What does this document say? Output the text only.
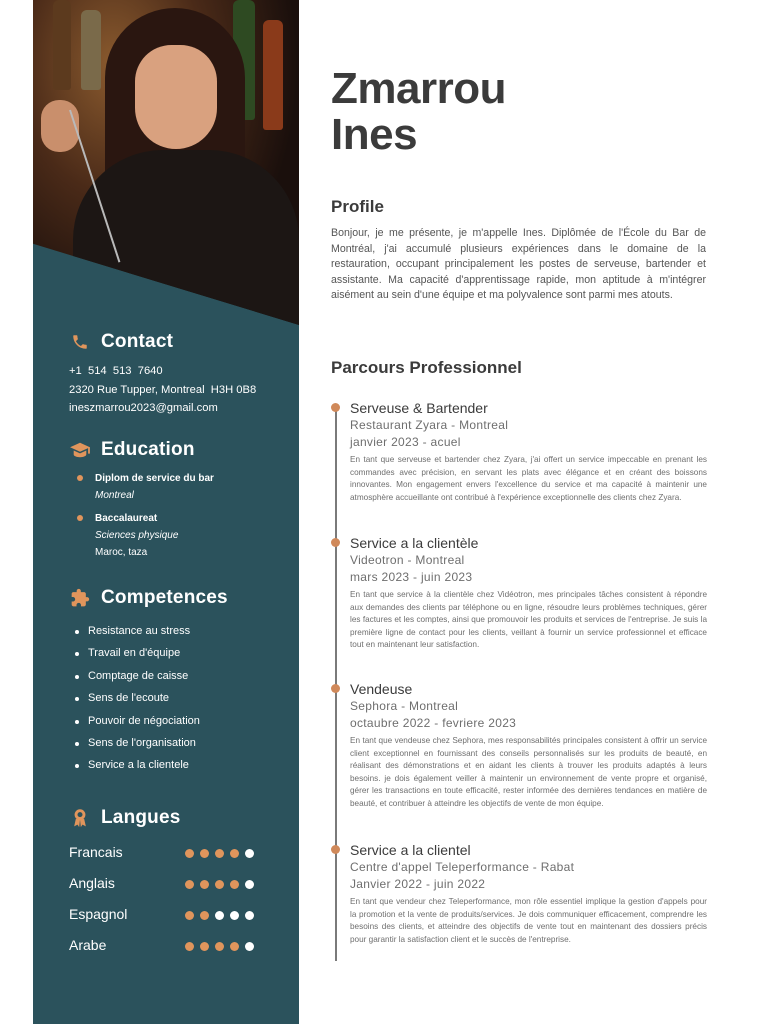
Contact
+1  514  513  7640
2320 Rue Tupper, Montreal  H3H 0B8
ineszmarrou2023@gmail.com
Education
Diplom de service du bar
Montreal
Baccalaureat
Sciences physique
Maroc, taza
Competences
Resistance au stress
Travail en d'équipe
Comptage de caisse
Sens de l'ecoute
Pouvoir de négociation
Sens de l'organisation
Service a la clientele
Langues
Francais
Anglais
Espagnol
Arabe
Zmarrou
Ines
Profile

Bonjour, je me présente, je m'appelle Ines. Diplômée de l'École du Bar de Montréal, j'ai accumulé plusieurs expériences dans le domaine de la restauration, occupant principalement les postes de serveuse, bartender et assistante. Ma capacité d'apprentissage rapide, mon aptitude à m'intégrer aisément au sein d'une équipe et ma polyvalence sont parmi mes atouts.

Parcours Professionnel
Serveuse & Bartender
Restaurant Zyara - Montreal
janvier 2023 - acuel
En tant que serveuse et bartender chez Zyara, j'ai offert un service impeccable en prenant les commandes avec précision, en servant les plats avec élégance et en créant des boissons innovantes. Mon engagement envers l'excellence du service et ma capacité à maintenir une atmosphère accueillante ont contribué à l'expérience exceptionnelle des clients chez Zyara.
Service a la clientèle
Videotron - Montreal
mars 2023 - juin 2023
En tant que service à la clientèle chez Vidéotron, mes principales tâches consistent à répondre aux demandes des clients par téléphone ou en ligne, résoudre leurs problèmes techniques, gérer les factures et les comptes, ainsi que promouvoir les produits et services de l'entreprise. Je suis la première ligne de contact pour les clients, veillant à fournir un service professionnel et efficace tout en maintenant leur satisfaction.
Vendeuse
Sephora - Montreal
octaubre 2022 - fevriere 2023
En tant que vendeuse chez Sephora, mes responsabilités principales consistent à offrir un service client exceptionnel en fournissant des conseils personnalisés sur les produits de beauté, en réalisant des démonstrations et en aidant les clients à trouver les produits adaptés à leurs besoins. je dois également veiller à maintenir un environnement de vente propre et organisé, gérer les transactions en toute efficacité, rester informée des dernières tendances en matière de beauté, et contribuer à atteindre les objectifs de vente de mon équipe.
Service a la clientel
Centre d'appel Teleperformance - Rabat
Janvier 2022 - juin 2022
En tant que vendeur chez Teleperformance, mon rôle essentiel implique la gestion d'appels pour la promotion et la vente de produits/services. Je dois communiquer efficacement, comprendre les besoins des clients, et atteindre des objectifs de vente tout en maintenant des dossiers précis pour garantir la satisfaction client et le succès de l'entreprise.
